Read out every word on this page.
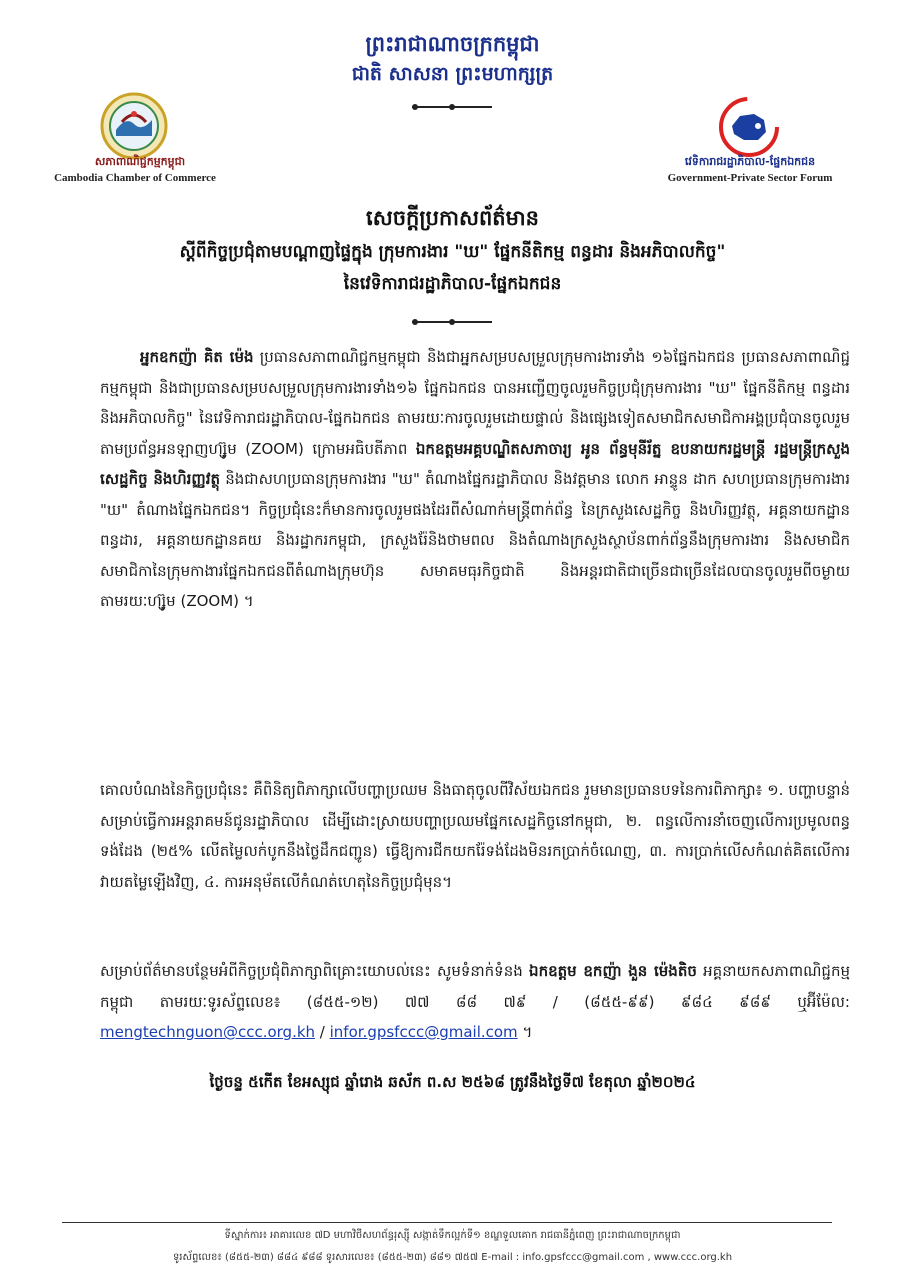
ព្រះរាជាណាចក្រកម្ពុជា
ជាតិ សាសនា ព្រះមហាក្សត្រ
សភាពាណិជ្ជកម្មកម្ពុជា
Cambodia Chamber of Commerce
វេទិការាជរដ្ឋាភិបាល-ផ្នែកឯកជន
Government-Private Sector Forum
សេចក្តីប្រកាសព័ត៌មាន
ស្តីពីកិច្ចប្រជុំតាមបណ្តាញផ្ទៃក្នុង ក្រុមការងារ "ឃ" ផ្នែកនីតិកម្ម ពន្ធដារ និងអភិបាលកិច្ច"
នៃវេទិការាជរដ្ឋាភិបាល-ផ្នែកឯកជន
អ្នកឧកញ៉ា គិត ម៉េង ប្រធានសភាពាណិជ្ជកម្មកម្ពុជា និងជាអ្នកសម្របសម្រួលក្រុមការងារទាំង ១៦ផ្នែកឯកជន ប្រធានសភាពាណិជ្ជកម្មកម្ពុជា និងជាប្រធានសម្របសម្រួលក្រុមការងារទាំង១៦ ផ្នែកឯកជន បានអញ្ជើញចូលរួមកិច្ចប្រជុំក្រុមការងារ "ឃ" ផ្នែកនីតិកម្ម ពន្ធដារ និងអភិបាលកិច្ច" នៃវេទិការាជរដ្ឋាភិបាល-ផ្នែកឯកជន តាមរយៈការចូលរួមដោយផ្ទាល់ និងផ្សេងទៀតសមាជិកសមាជិកាអង្គប្រជុំបានចូលរួមតាមប្រព័ន្ធអនឡាញហ្ស៊ូម (ZOOM) ក្រោមអធិបតីភាព ឯកឧត្តមអគ្គបណ្ឌិតសភាចារ្យ អូន ព័ន្ធមុនីរ័ត្ន ឧបនាយករដ្ឋមន្ត្រី រដ្ឋមន្ត្រីក្រសួងសេដ្ឋកិច្ច និងហិរញ្ញវត្ថុ និងជាសហប្រធានក្រុមការងារ "ឃ" តំណាងផ្នែករដ្ឋាភិបាល និងវត្តមាន លោក អាន្ទូន ដាក សហប្រធានក្រុមការងារ "ឃ" តំណាងផ្នែកឯកជន។ កិច្ចប្រជុំនេះក៏មានការចូលរួមផងដែរពីសំណាក់មន្ត្រីពាក់ព័ន្ធ នៃក្រសួងសេដ្ឋកិច្ច និងហិរញ្ញវត្ថុ, អគ្គនាយកដ្ឋានពន្ធដារ, អគ្គនាយកដ្ឋានគយ និងរដ្ឋាករកម្ពុជា, ក្រសួងរ៉ែនិងថាមពល និងតំណាងក្រសួងស្ថាប័នពាក់ព័ន្ធនឹងក្រុមការងារ និងសមាជិក សមាជិកានៃក្រុមកាងារផ្នែកឯកជនពីតំណាងក្រុមហ៊ុន សមាគមធុរកិច្ចជាតិ និងអន្តរជាតិជាច្រើនជាច្រើនដែលបានចូលរួមពីចម្ងាយតាមរយៈហ្ស៊ូម (ZOOM) ។
គោលបំណងនៃកិច្ចប្រជុំនេះ គឺពិនិត្យពិភាក្សាលើបញ្ហាប្រឈម និងធាតុចូលពីវិស័យឯកជន រួមមានប្រធានបទនៃការពិភាក្សា៖ ១. បញ្ហាបន្ទាន់សម្រាប់ធ្វើការអន្តរាគមន៍ជូនរដ្ឋាភិបាល ដើម្បីដោះស្រាយបញ្ហាប្រឈមផ្នែកសេដ្ឋកិច្ចនៅកម្ពុជា, ២. ពន្ធលើការនាំចេញលើការប្រមូលពន្ធទង់ដែង (២៥% លើតម្លៃលក់បូកនឹងថ្លៃដឹកជញ្ជូន) ធ្វើឱ្យការជីកយករ៉ែទង់ដែងមិនរកប្រាក់ចំណេញ, ៣. ការប្រាក់លើសកំណត់គិតលើការវាយតម្លៃឡើងវិញ, ៤. ការអនុម័តលើកំណត់ហេតុនៃកិច្ចប្រជុំមុន។
សម្រាប់ព័ត៌មានបន្ថែមអំពីកិច្ចប្រជុំពិភាក្សាពិគ្រោះយោបល់នេះ សូមទំនាក់ទំនង ឯកឧត្តម ឧកញ៉ា ងួន ម៉េងតិច អគ្គនាយកសភាពាណិជ្ជកម្មកម្ពុជា តាមរយៈទូរស័ព្ទលេខ៖ (៨៥៥-១២) ៧៧ ៨៨ ៧៩ / (៨៥៥-៩៩) ៩៨៤ ៩៨៩ ឬអ៊ីម៉ែល: mengtechnguon@ccc.org.kh / infor.gpsfccc@gmail.com ។
ថ្ងៃចន្ទ ៥កើត ខែអស្សុជ ឆ្នាំរោង ឆស័ក ព.ស ២៥៦៨ ត្រូវនឹងថ្ងៃទី៧ ខែតុលា ឆ្នាំ២០២៤
ទីស្នាក់ការ៖ អាគារលេខ ៧D មហាវិថីសហព័ន្ធរុស្ស៊ី សង្កាត់ទឹកល្អក់ទី១ ខណ្ឌទួលគោក រាជធានីភ្នំពេញ ព្រះរាជាណាចក្រកម្ពុជា
ទូរស័ព្ទលេខ៖ (៨៥៥-២៣) ៨៨៤ ៩៨៨ ទូរសារលេខ៖ (៨៥៥-២៣) ៨៨១ ៧៥៧ E-mail : info.gpsfccc@gmail.com , www.ccc.org.kh
